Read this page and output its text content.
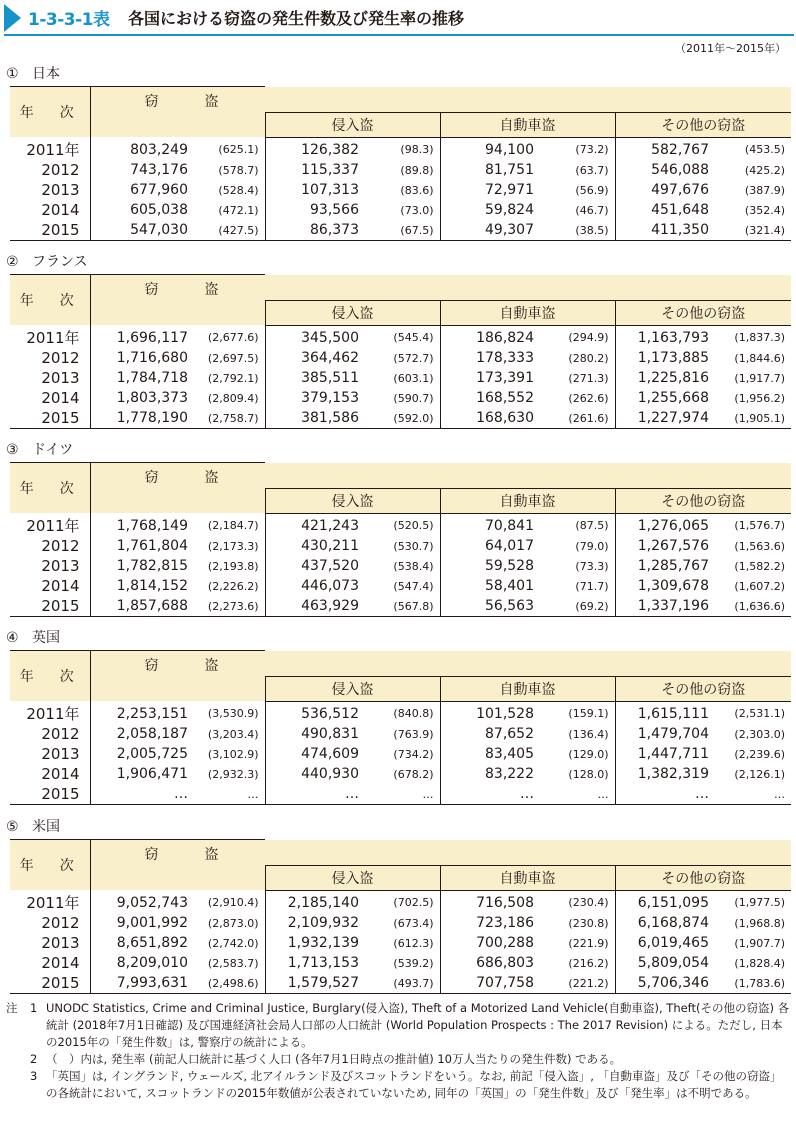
1-3-3-1表 各国における窃盗の発生件数及び発生率の推移
（2011年～2015年）
① 日本
年　次	窃　盗							
			侵入盗		自動車盗		その他の窃盗	
2011年	803,249	(625.1)	126,382	(98.3)	94,100	(73.2)	582,767	(453.5)
2012	743,176	(578.7)	115,337	(89.8)	81,751	(63.7)	546,088	(425.2)
2013	677,960	(528.4)	107,313	(83.6)	72,971	(56.9)	497,676	(387.9)
2014	605,038	(472.1)	93,566	(73.0)	59,824	(46.7)	451,648	(352.4)
2015	547,030	(427.5)	86,373	(67.5)	49,307	(38.5)	411,350	(321.4)
② フランス
年　次	窃　盗							
			侵入盗		自動車盗		その他の窃盗	
2011年	1,696,117	(2,677.6)	345,500	(545.4)	186,824	(294.9)	1,163,793	(1,837.3)
2012	1,716,680	(2,697.5)	364,462	(572.7)	178,333	(280.2)	1,173,885	(1,844.6)
2013	1,784,718	(2,792.1)	385,511	(603.1)	173,391	(271.3)	1,225,816	(1,917.7)
2014	1,803,373	(2,809.4)	379,153	(590.7)	168,552	(262.6)	1,255,668	(1,956.2)
2015	1,778,190	(2,758.7)	381,586	(592.0)	168,630	(261.6)	1,227,974	(1,905.1)
③ ドイツ
年　次	窃　盗							
			侵入盗		自動車盗		その他の窃盗	
2011年	1,768,149	(2,184.7)	421,243	(520.5)	70,841	(87.5)	1,276,065	(1,576.7)
2012	1,761,804	(2,173.3)	430,211	(530.7)	64,017	(79.0)	1,267,576	(1,563.6)
2013	1,782,815	(2,193.8)	437,520	(538.4)	59,528	(73.3)	1,285,767	(1,582.2)
2014	1,814,152	(2,226.2)	446,073	(547.4)	58,401	(71.7)	1,309,678	(1,607.2)
2015	1,857,688	(2,273.6)	463,929	(567.8)	56,563	(69.2)	1,337,196	(1,636.6)
④ 英国
年　次	窃　盗							
			侵入盗		自動車盗		その他の窃盗	
2011年	2,253,151	(3,530.9)	536,512	(840.8)	101,528	(159.1)	1,615,111	(2,531.1)
2012	2,058,187	(3,203.4)	490,831	(763.9)	87,652	(136.4)	1,479,704	(2,303.0)
2013	2,005,725	(3,102.9)	474,609	(734.2)	83,405	(129.0)	1,447,711	(2,239.6)
2014	1,906,471	(2,932.3)	440,930	(678.2)	83,222	(128.0)	1,382,319	(2,126.1)
2015	…	…	…	…	…	…	…	…
⑤ 米国
年　次	窃　盗							
			侵入盗		自動車盗		その他の窃盗	
2011年	9,052,743	(2,910.4)	2,185,140	(702.5)	716,508	(230.4)	6,151,095	(1,977.5)
2012	9,001,992	(2,873.0)	2,109,932	(673.4)	723,186	(230.8)	6,168,874	(1,968.8)
2013	8,651,892	(2,742.0)	1,932,139	(612.3)	700,288	(221.9)	6,019,465	(1,907.7)
2014	8,209,010	(2,583.7)	1,713,153	(539.2)	686,803	(216.2)	5,809,054	(1,828.4)
2015	7,993,631	(2,498.6)	1,579,527	(493.7)	707,758	(221.2)	5,706,346	(1,783.6)
注 1 UNODC Statistics, Crime and Criminal Justice, Burglary(侵入盗), Theft of a Motorized Land Vehicle(自動車盗), Theft(その他の窃盗) 各統計 (2018年7月1日確認) 及び国連経済社会局人口部の人口統計 (World Population Prospects : The 2017 Revision) による。ただし, 日本の2015年の「発生件数」は, 警察庁の統計による。
2 （　）内は, 発生率 (前記人口統計に基づく人口 (各年7月1日時点の推計値) 10万人当たりの発生件数) である。
3 「英国」は, イングランド, ウェールズ, 北アイルランド及びスコットランドをいう。なお, 前記「侵入盗」, 「自動車盗」及び「その他の窃盗」の各統計において, スコットランドの2015年数値が公表されていないため, 同年の「英国」の「発生件数」及び「発生率」は不明である。
